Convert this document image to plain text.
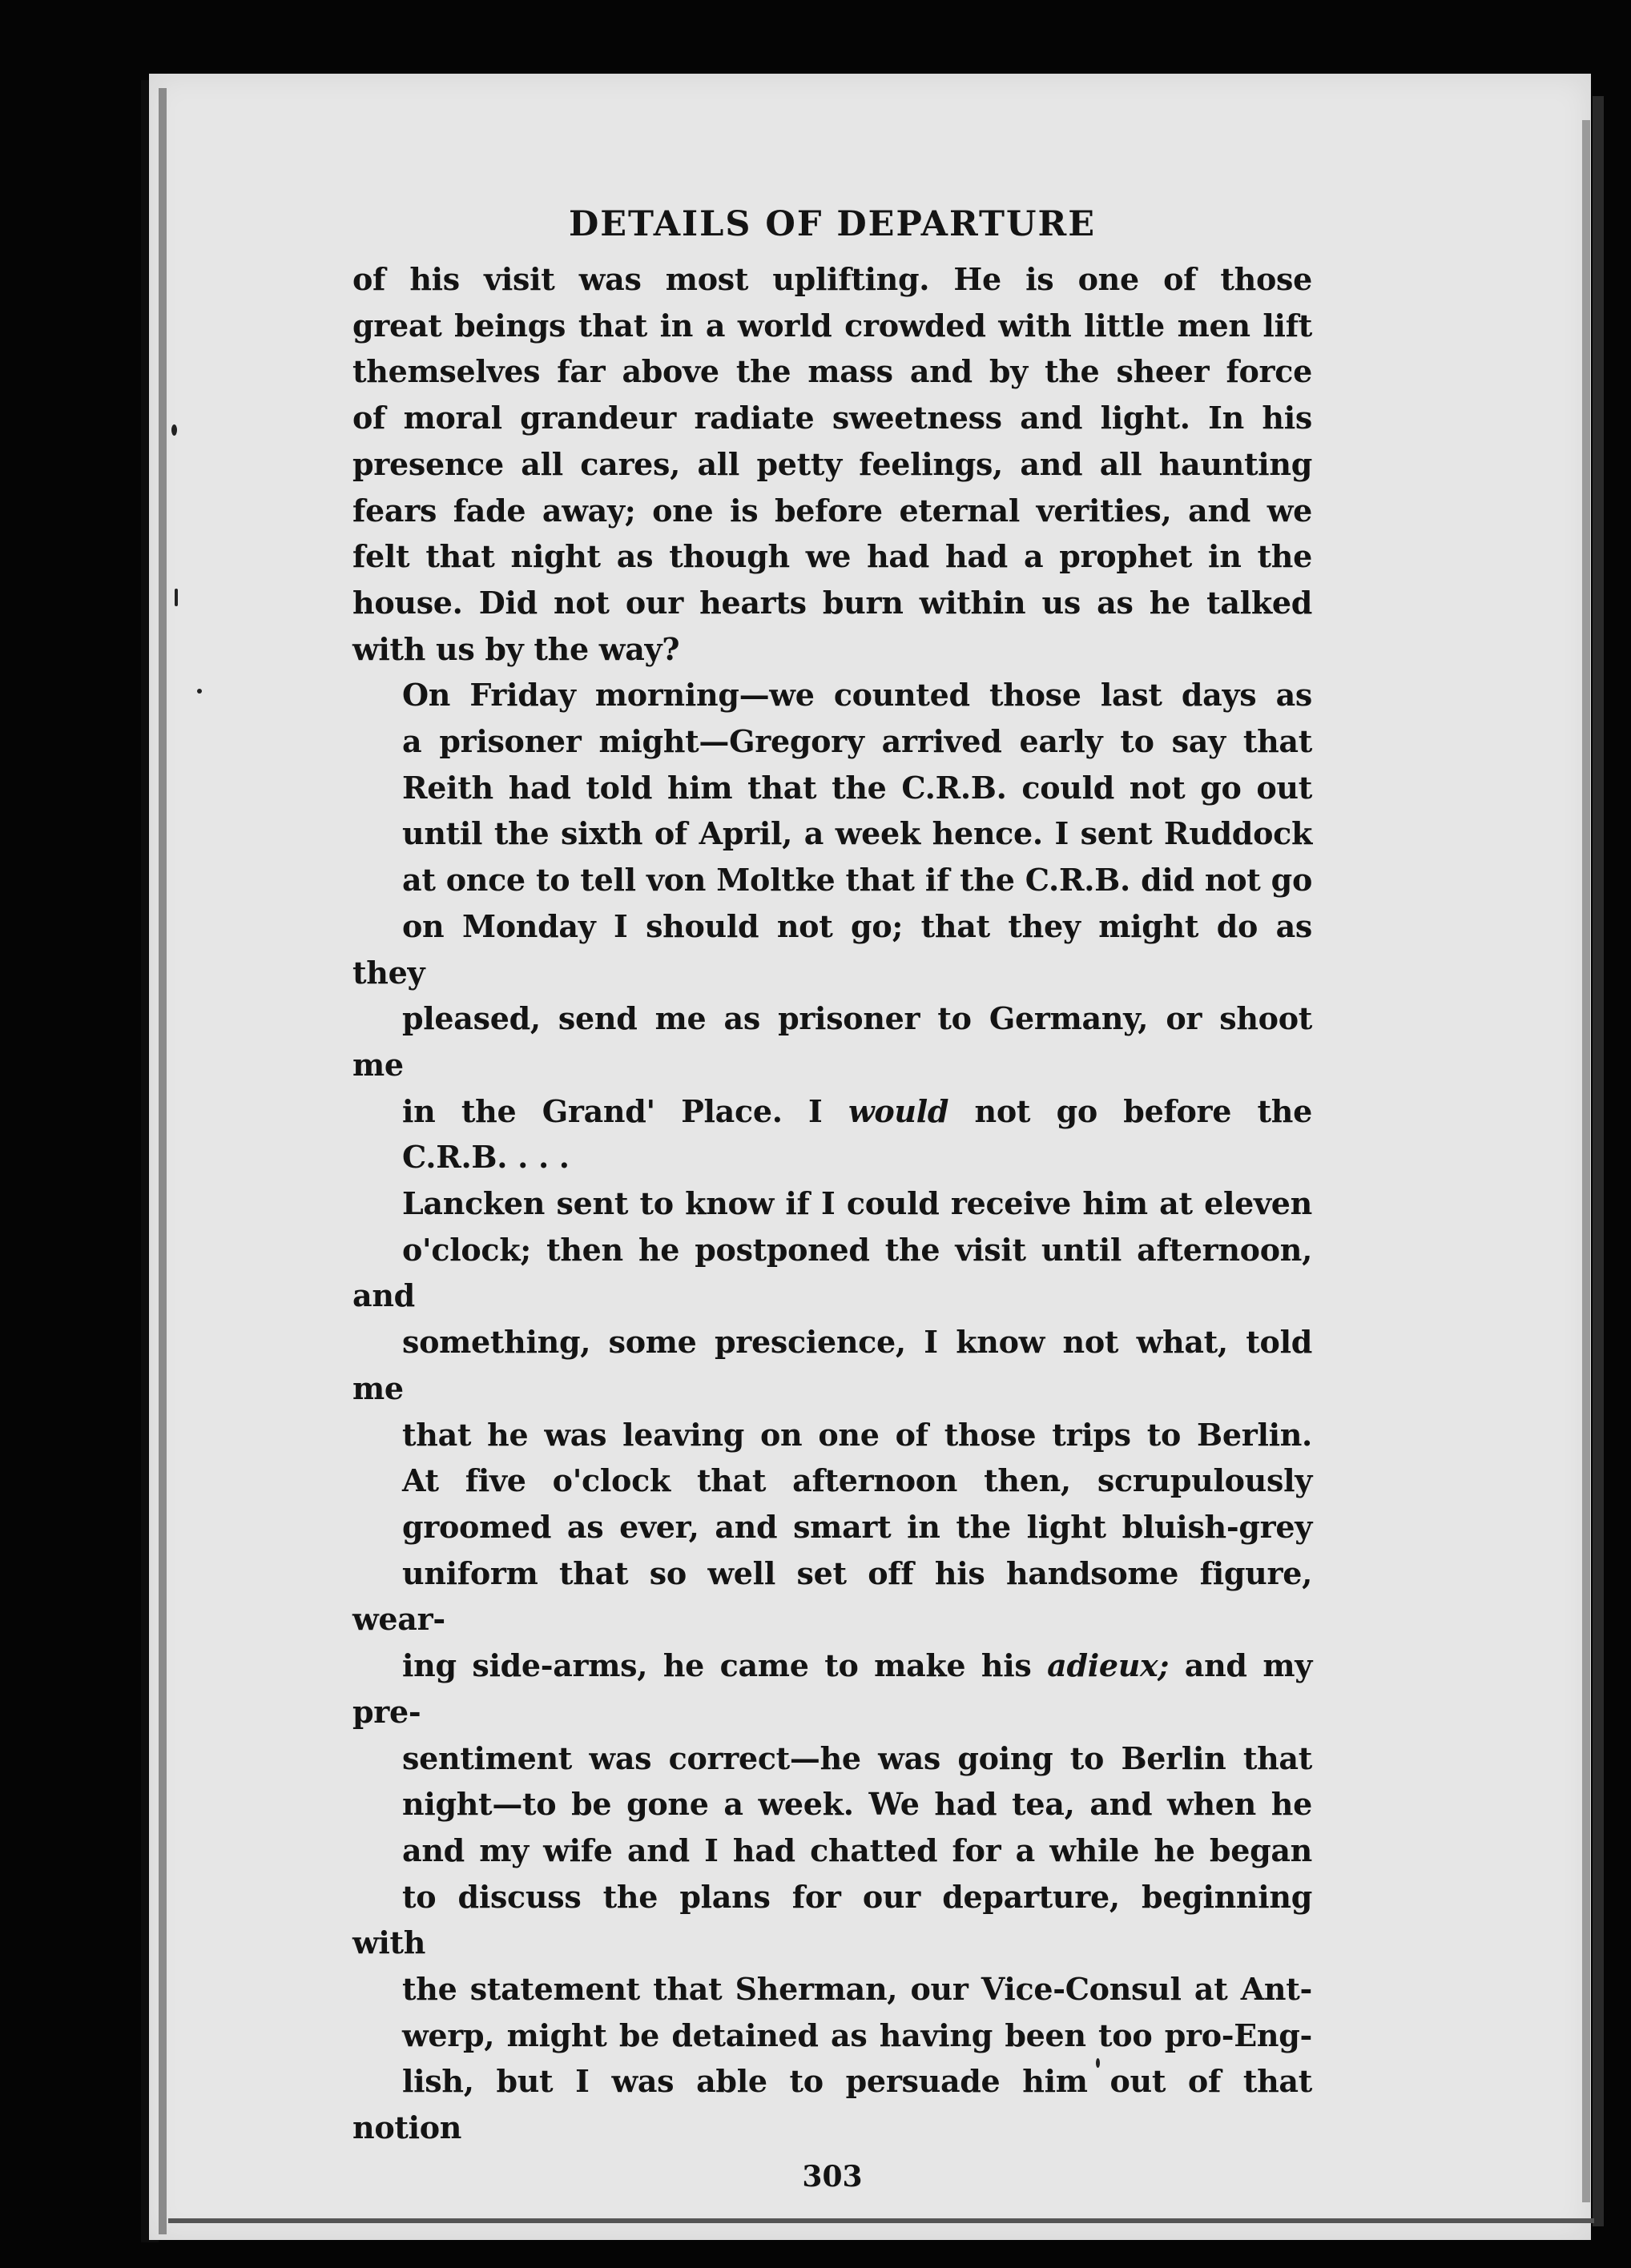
DETAILS OF DEPARTURE

of his visit was most uplifting. He is one of those
great beings that in a world crowded with little men lift
themselves far above the mass and by the sheer force
of moral grandeur radiate sweetness and light. In his
presence all cares, all petty feelings, and all haunting
fears fade away; one is before eternal verities, and we
felt that night as though we had had a prophet in the
house. Did not our hearts burn within us as he talked
with us by the way?

On Friday morning—we counted those last days as
a prisoner might—Gregory arrived early to say that
Reith had told him that the C.R.B. could not go out
until the sixth of April, a week hence. I sent Ruddock
at once to tell von Moltke that if the C.R.B. did not go
on Monday I should not go; that they might do as they
pleased, send me as prisoner to Germany, or shoot me
in the Grand' Place. I would not go before the
C.R.B. . . .

Lancken sent to know if I could receive him at eleven
o'clock; then he postponed the visit until afternoon, and
something, some prescience, I know not what, told me
that he was leaving on one of those trips to Berlin.
At five o'clock that afternoon then, scrupulously
groomed as ever, and smart in the light bluish-grey
uniform that so well set off his handsome figure, wear-
ing side-arms, he came to make his adieux; and my pre-
sentiment was correct—he was going to Berlin that
night—to be gone a week. We had tea, and when he
and my wife and I had chatted for a while he began
to discuss the plans for our departure, beginning with
the statement that Sherman, our Vice-Consul at Ant-
werp, might be detained as having been too pro-Eng-
lish, but I was able to persuade him out of that notion

303
